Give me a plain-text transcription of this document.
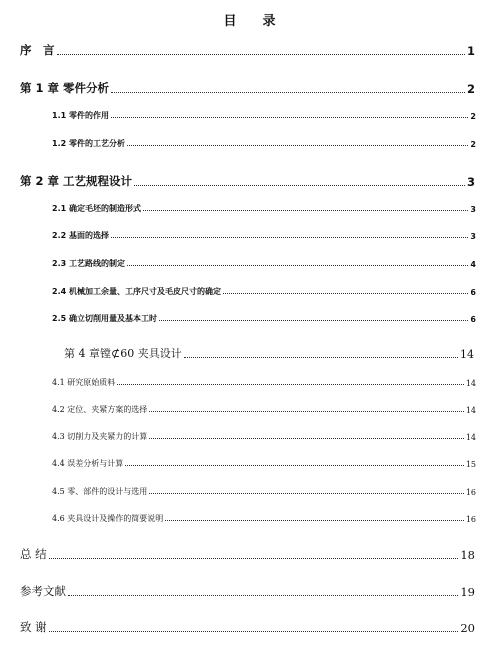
目　　录
序　言	1
第 1 章 零件分析	2
1.1 零件的作用	2
1.2 零件的工艺分析	2
第 2 章 工艺规程设计	3
2.1 确定毛坯的制造形式	3
2.2 基面的选择	3
2.3 工艺路线的制定	4
2.4 机械加工余量、工序尺寸及毛皮尺寸的确定	6
2.5 确立切削用量及基本工时	6
第 4 章镗⊄60 夹具设计	14
4.1 研究原始质料	14
4.2 定位、夹紧方案的选择	14
4.3 切削力及夹紧力的计算	14
4.4 误差分析与计算	15
4.5 零、部件的设计与选用	16
4.6 夹具设计及操作的简要说明	16
总 结	18
参考文献	19
致 谢	20
